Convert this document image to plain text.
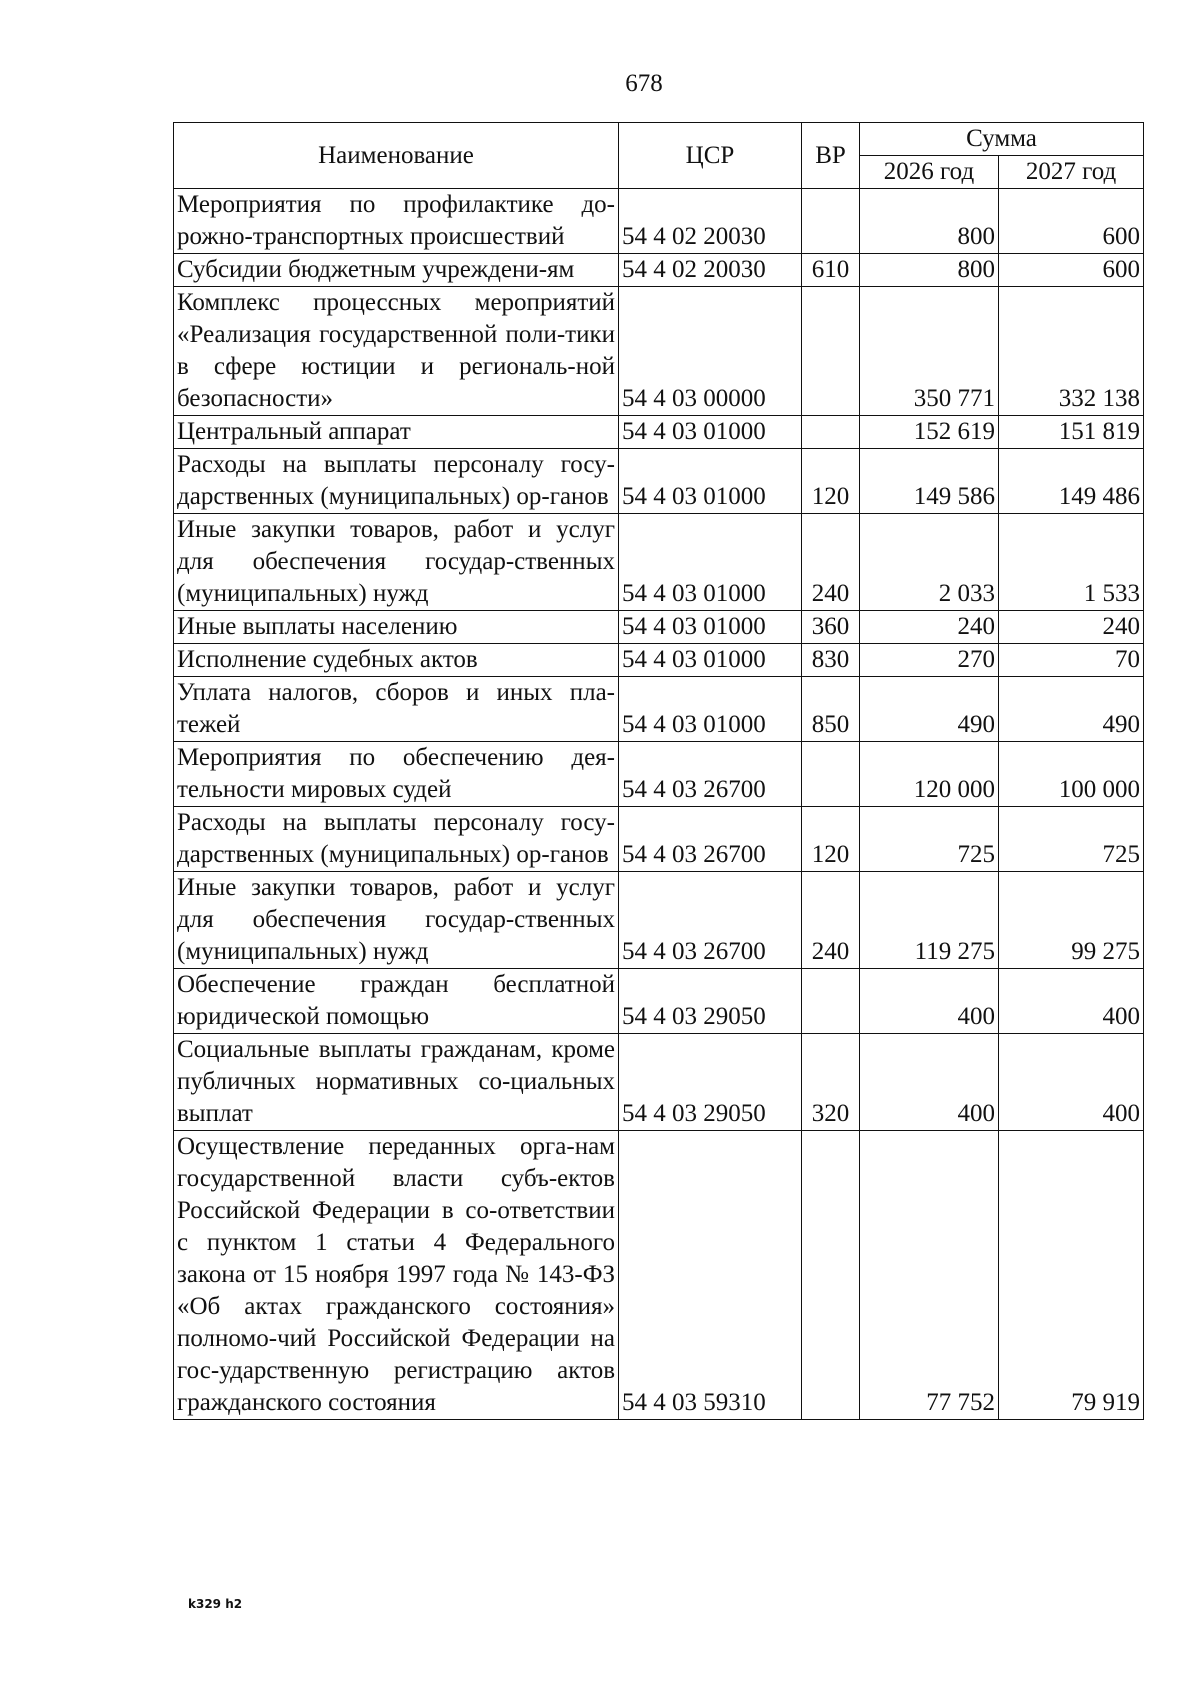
678
Наименование	ЦСР	ВР	Сумма	
			2026 год	2027 год
Мероприятия по профилактике до-рожно-транспортных происшествий	54 4 02 20030		800	600
Субсидии бюджетным учреждени-ям	54 4 02 20030	610	800	600
Комплекс процессных мероприятий «Реализация государственной поли-тики в сфере юстиции и региональ-ной безопасности»	54 4 03 00000		350 771	332 138
Центральный аппарат	54 4 03 01000		152 619	151 819
Расходы на выплаты персоналу госу-дарственных (муниципальных) ор-ганов	54 4 03 01000	120	149 586	149 486
Иные закупки товаров, работ и услуг для обеспечения государ-ственных (муниципальных) нужд	54 4 03 01000	240	2 033	1 533
Иные выплаты населению	54 4 03 01000	360	240	240
Исполнение судебных актов	54 4 03 01000	830	270	70
Уплата налогов, сборов и иных пла-тежей	54 4 03 01000	850	490	490
Мероприятия по обеспечению дея-тельности мировых судей	54 4 03 26700		120 000	100 000
Расходы на выплаты персоналу госу-дарственных (муниципальных) ор-ганов	54 4 03 26700	120	725	725
Иные закупки товаров, работ и услуг для обеспечения государ-ственных (муниципальных) нужд	54 4 03 26700	240	119 275	99 275
Обеспечение граждан бесплатной юридической помощью	54 4 03 29050		400	400
Социальные выплаты гражданам, кроме публичных нормативных со-циальных выплат	54 4 03 29050	320	400	400
Осуществление переданных орга-нам государственной власти субъ-ектов Российской Федерации в со-ответствии с пунктом 1 статьи 4 Федерального закона от 15 ноября 1997 года № 143-ФЗ «Об актах гражданского состояния» полномо-чий Российской Федерации на гос-ударственную регистрацию актов гражданского состояния	54 4 03 59310		77 752	79 919
k329 h2
